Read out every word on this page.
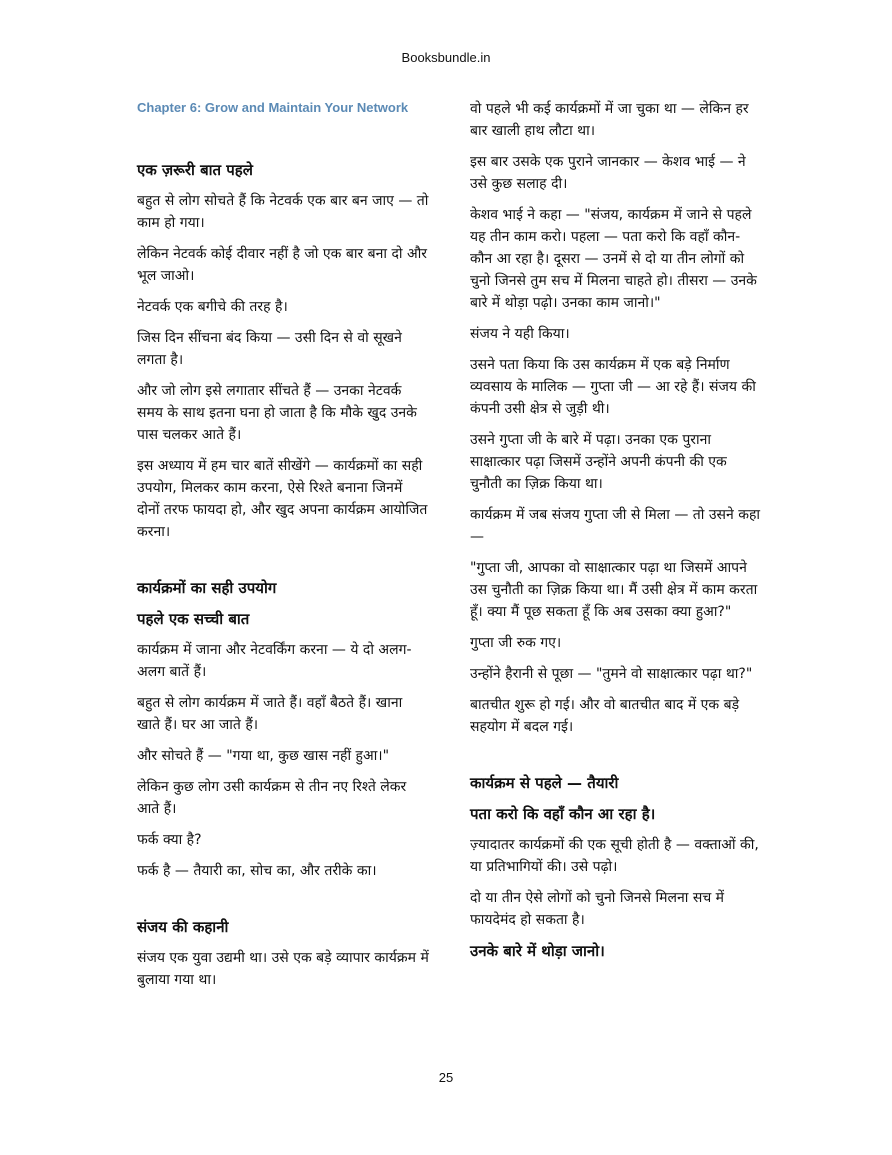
Booksbundle.in
Chapter 6: Grow and Maintain Your Network
एक ज़रूरी बात पहले

बहुत से लोग सोचते हैं कि नेटवर्क एक बार बन जाए — तो काम हो गया।

लेकिन नेटवर्क कोई दीवार नहीं है जो एक बार बना दो और भूल जाओ।

नेटवर्क एक बगीचे की तरह है।

जिस दिन सींचना बंद किया — उसी दिन से वो सूखने लगता है।

और जो लोग इसे लगातार सींचते हैं — उनका नेटवर्क समय के साथ इतना घना हो जाता है कि मौके खुद उनके पास चलकर आते हैं।

इस अध्याय में हम चार बातें सीखेंगे — कार्यक्रमों का सही उपयोग, मिलकर काम करना, ऐसे रिश्ते बनाना जिनमें दोनों तरफ फायदा हो, और खुद अपना कार्यक्रम आयोजित करना।

कार्यक्रमों का सही उपयोग
पहले एक सच्ची बात

कार्यक्रम में जाना और नेटवर्किंग करना — ये दो अलग-अलग बातें हैं।

बहुत से लोग कार्यक्रम में जाते हैं। वहाँ बैठते हैं। खाना खाते हैं। घर आ जाते हैं।

और सोचते हैं — "गया था, कुछ खास नहीं हुआ।"

लेकिन कुछ लोग उसी कार्यक्रम से तीन नए रिश्ते लेकर आते हैं।

फर्क क्या है?

फर्क है — तैयारी का, सोच का, और तरीके का।

संजय की कहानी

संजय एक युवा उद्यमी था। उसे एक बड़े व्यापार कार्यक्रम में बुलाया गया था।

वो पहले भी कई कार्यक्रमों में जा चुका था — लेकिन हर बार खाली हाथ लौटा था।

इस बार उसके एक पुराने जानकार — केशव भाई — ने उसे कुछ सलाह दी।

केशव भाई ने कहा — "संजय, कार्यक्रम में जाने से पहले यह तीन काम करो। पहला — पता करो कि वहाँ कौन-कौन आ रहा है। दूसरा — उनमें से दो या तीन लोगों को चुनो जिनसे तुम सच में मिलना चाहते हो। तीसरा — उनके बारे में थोड़ा पढ़ो। उनका काम जानो।"

संजय ने यही किया।

उसने पता किया कि उस कार्यक्रम में एक बड़े निर्माण व्यवसाय के मालिक — गुप्ता जी — आ रहे हैं। संजय की कंपनी उसी क्षेत्र से जुड़ी थी।

उसने गुप्ता जी के बारे में पढ़ा। उनका एक पुराना साक्षात्कार पढ़ा जिसमें उन्होंने अपनी कंपनी की एक चुनौती का ज़िक्र किया था।

कार्यक्रम में जब संजय गुप्ता जी से मिला — तो उसने कहा —

"गुप्ता जी, आपका वो साक्षात्कार पढ़ा था जिसमें आपने उस चुनौती का ज़िक्र किया था। मैं उसी क्षेत्र में काम करता हूँ। क्या मैं पूछ सकता हूँ कि अब उसका क्या हुआ?"

गुप्ता जी रुक गए।

उन्होंने हैरानी से पूछा — "तुमने वो साक्षात्कार पढ़ा था?"

बातचीत शुरू हो गई। और वो बातचीत बाद में एक बड़े सहयोग में बदल गई।

कार्यक्रम से पहले — तैयारी
पता करो कि वहाँ कौन आ रहा है।

ज़्यादातर कार्यक्रमों की एक सूची होती है — वक्ताओं की, या प्रतिभागियों की। उसे पढ़ो।

दो या तीन ऐसे लोगों को चुनो जिनसे मिलना सच में फायदेमंद हो सकता है।

उनके बारे में थोड़ा जानो।
25
